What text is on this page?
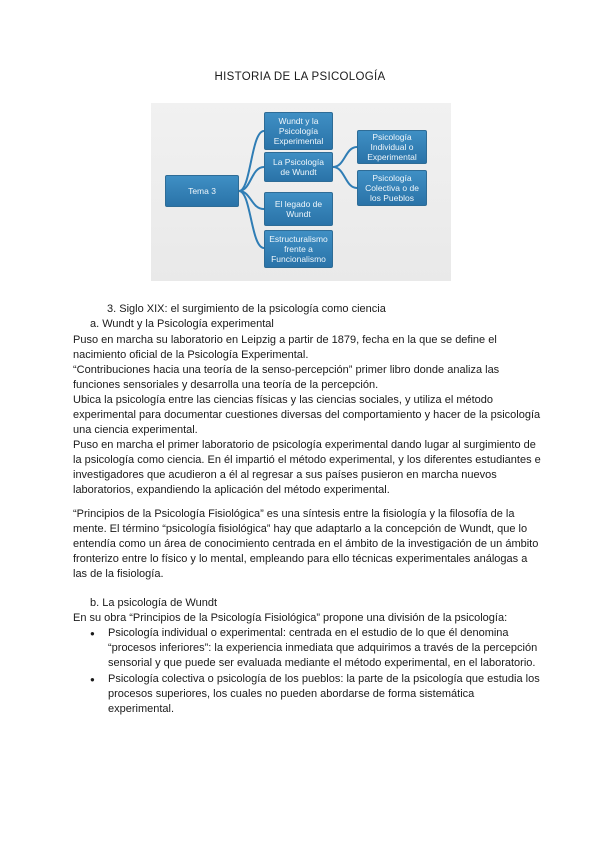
HISTORIA DE LA PSICOLOGÍA
Tema 3
Wundt y la Psicología Experimental
La Psicología de Wundt
El legado de Wundt
Estructuralismo frente a Funcionalismo
Psicología Individual o Experimental
Psicología Colectiva o de los Pueblos
3. Siglo XIX: el surgimiento de la psicología como ciencia
a. Wundt y la Psicología experimental

Puso en marcha su laboratorio en Leipzig a partir de 1879, fecha en la que se define el nacimiento oficial de la Psicología Experimental.

“Contribuciones hacia una teoría de la senso-percepción” primer libro donde analiza las funciones sensoriales y desarrolla una teoría de la percepción.

Ubica la psicología entre las ciencias físicas y las ciencias sociales, y utiliza el método experimental para documentar cuestiones diversas del comportamiento y hacer de la psicología una ciencia experimental.

Puso en marcha el primer laboratorio de psicología experimental dando lugar al surgimiento de la psicología como ciencia. En él impartió el método experimental, y los diferentes estudiantes e investigadores que acudieron a él al regresar a sus países pusieron en marcha nuevos laboratorios, expandiendo la aplicación del método experimental.

“Principios de la Psicología Fisiológica” es una síntesis entre la fisiología y la filosofía de la mente. El término “psicología fisiológica” hay que adaptarlo a la concepción de Wundt, que lo entendía como un área de conocimiento centrada en el ámbito de la investigación de un ámbito fronterizo entre lo físico y lo mental, empleando para ello técnicas experimentales análogas a las de la fisiología.
b. La psicología de Wundt

En su obra “Principios de la Psicología Fisiológica” propone una división de la psicología:

● Psicología individual o experimental: centrada en el estudio de lo que él denomina “procesos inferiores”: la experiencia inmediata que adquirimos a través de la percepción sensorial y que puede ser evaluada mediante el método experimental, en el laboratorio.
● Psicología colectiva o psicología de los pueblos: la parte de la psicología que estudia los procesos superiores, los cuales no pueden abordarse de forma sistemática experimental.
